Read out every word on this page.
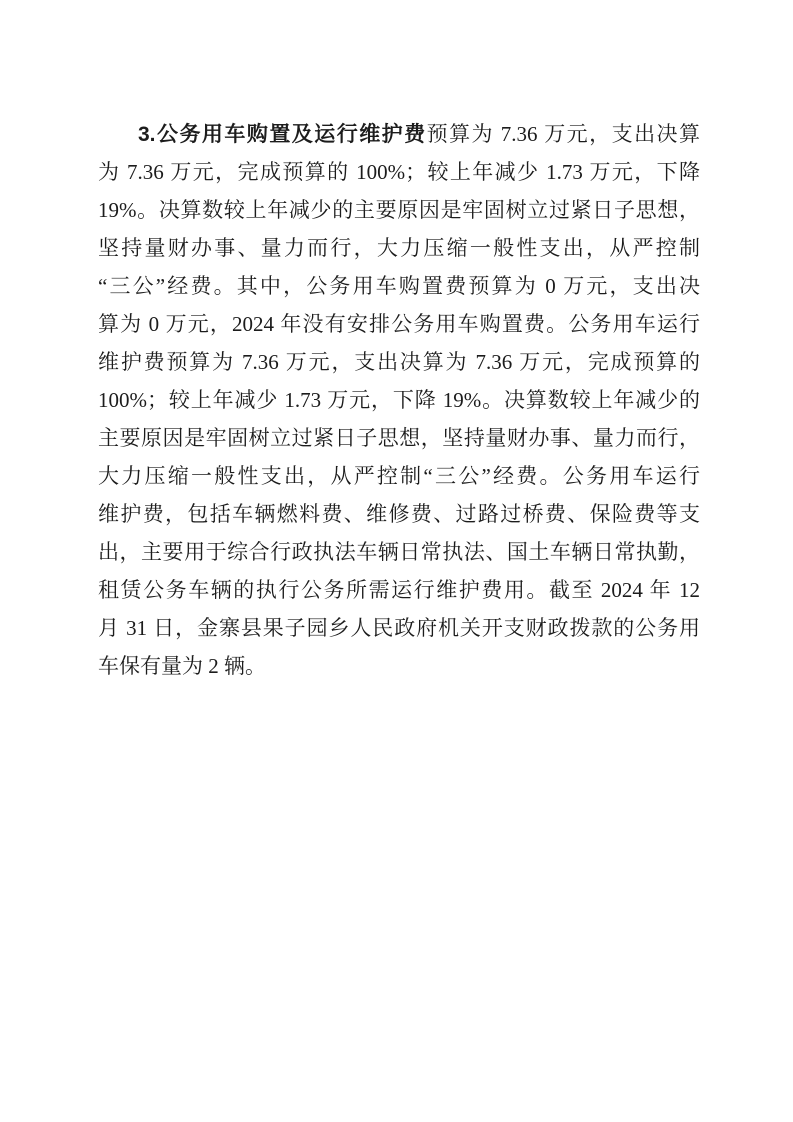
3.公务用车购置及运行维护费预算为 7.36 万元，支出决算
为 7.36 万元，完成预算的 100%；较上年减少 1.73 万元，下降
19%。决算数较上年减少的主要原因是牢固树立过紧日子思想，
坚持量财办事、量力而行，大力压缩一般性支出，从严控制
“三公”经费。其中，公务用车购置费预算为 0 万元，支出决
算为 0 万元，2024 年没有安排公务用车购置费。公务用车运行
维护费预算为 7.36 万元，支出决算为 7.36 万元，完成预算的
100%；较上年减少 1.73 万元，下降 19%。决算数较上年减少的
主要原因是牢固树立过紧日子思想，坚持量财办事、量力而行，
大力压缩一般性支出，从严控制“三公”经费。公务用车运行
维护费，包括车辆燃料费、维修费、过路过桥费、保险费等支
出，主要用于综合行政执法车辆日常执法、国土车辆日常执勤，
租赁公务车辆的执行公务所需运行维护费用。截至 2024 年 12
月 31 日，金寨县果子园乡人民政府机关开支财政拨款的公务用
车保有量为 2 辆。
